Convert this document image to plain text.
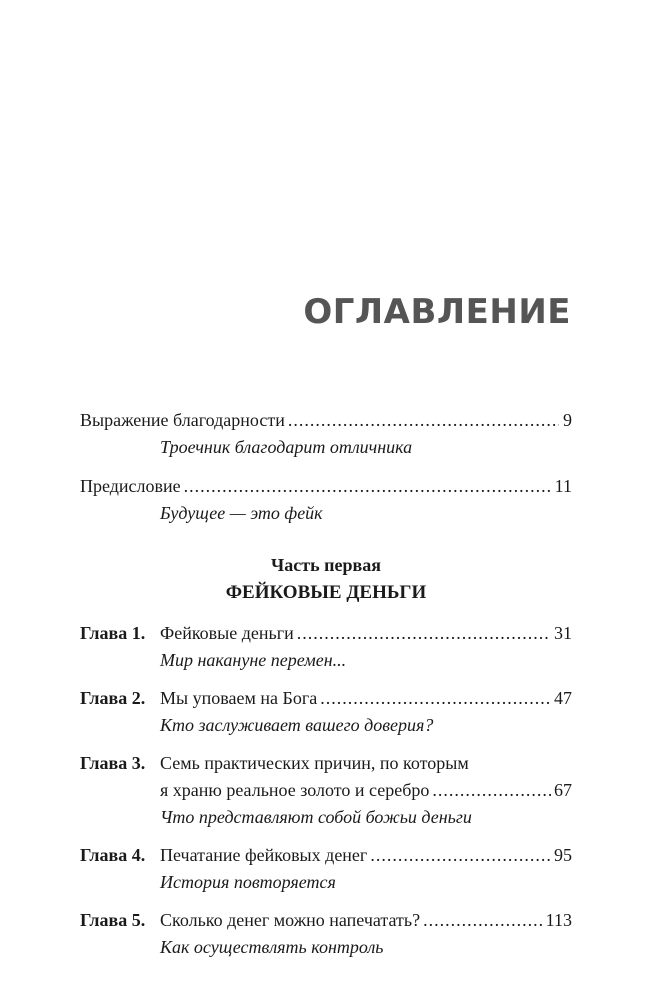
ОГЛАВЛЕНИЕ
Выражение благодарности .....	9
Троечник благодарит отличника
Предисловие .....	11
Будущее — это фейк
Часть первая
ФЕЙКОВЫЕ ДЕНЬГИ
Глава 1. Фейковые деньги .....	31
Мир накануне перемен...
Глава 2. Мы уповаем на Бога .....	47
Кто заслуживает вашего доверия?
Глава 3. Семь практических причин, по которым
я храню реальное золото и серебро .....	67
Что представляют собой божьи деньги
Глава 4. Печатание фейковых денег .....	95
История повторяется
Глава 5. Сколько денег можно напечатать? .....	113
Как осуществлять контроль
